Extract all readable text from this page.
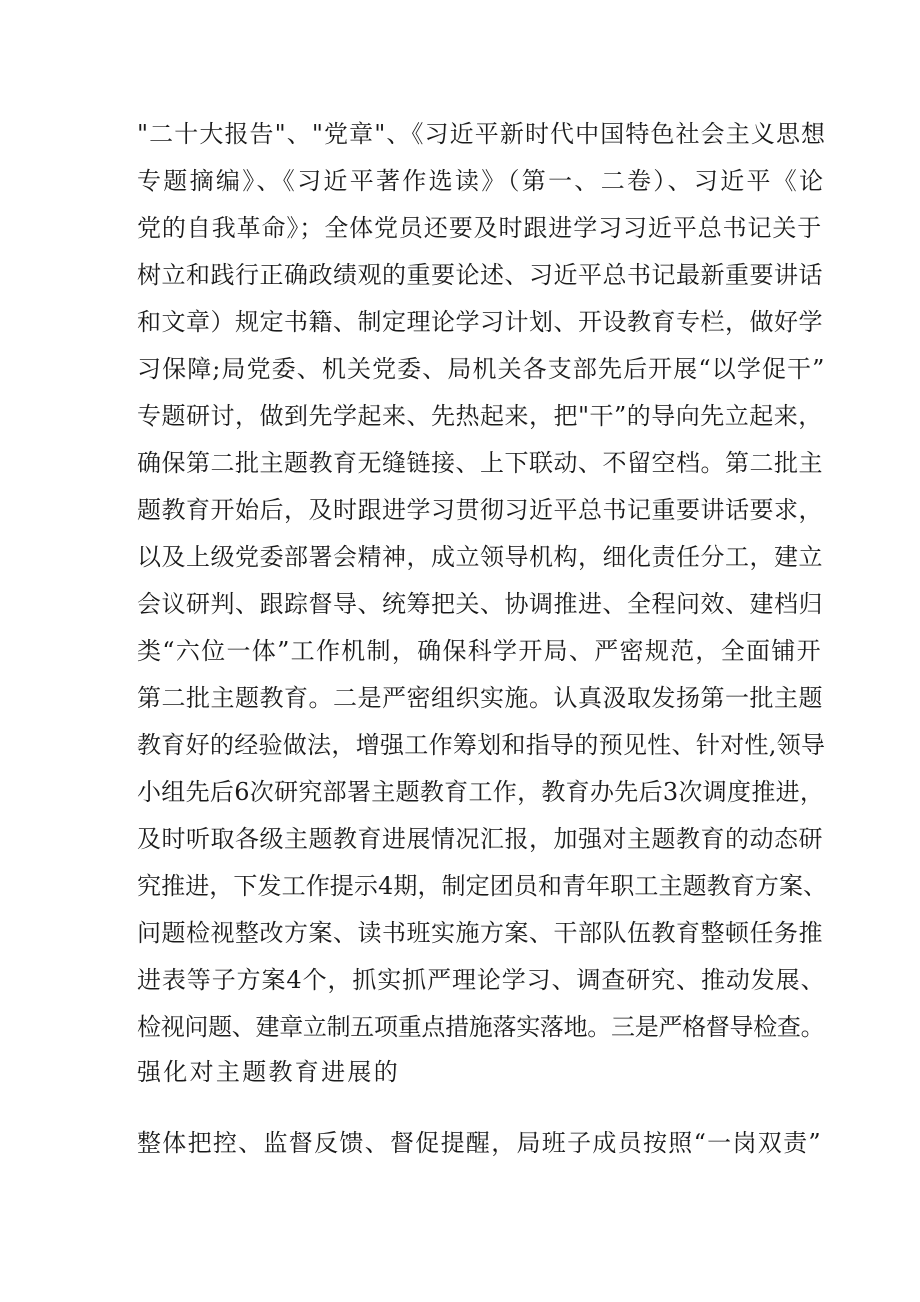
"二十大报告"、"党章"、《习近平新时代中国特色社会主义思想
专题摘编》、《习近平著作选读》（第一、二卷）、习近平《论
党的自我革命》；全体党员还要及时跟进学习习近平总书记关于
树立和践行正确政绩观的重要论述、习近平总书记最新重要讲话
和文章）规定书籍、制定理论学习计划、开设教育专栏，做好学
习保障;局党委、机关党委、局机关各支部先后开展“以学促干”
专题研讨，做到先学起来、先热起来，把"干”的导向先立起来，
确保第二批主题教育无缝链接、上下联动、不留空档。第二批主
题教育开始后，及时跟进学习贯彻习近平总书记重要讲话要求，
以及上级党委部署会精神，成立领导机构，细化责任分工，建立
会议研判、跟踪督导、统筹把关、协调推进、全程问效、建档归
类“六位一体”工作机制，确保科学开局、严密规范，全面铺开
第二批主题教育。二是严密组织实施。认真汲取发扬第一批主题
教育好的经验做法，增强工作筹划和指导的预见性、针对性,领导
小组先后6次研究部署主题教育工作，教育办先后3次调度推进，
及时听取各级主题教育进展情况汇报，加强对主题教育的动态研
究推进，下发工作提示4期，制定团员和青年职工主题教育方案、
问题检视整改方案、读书班实施方案、干部队伍教育整顿任务推
进表等子方案4个，抓实抓严理论学习、调查研究、推动发展、
检视问题、建章立制五项重点措施落实落地。三是严格督导检查。
强化对主题教育进展的
整体把控、监督反馈、督促提醒，局班子成员按照“一岗双责”
